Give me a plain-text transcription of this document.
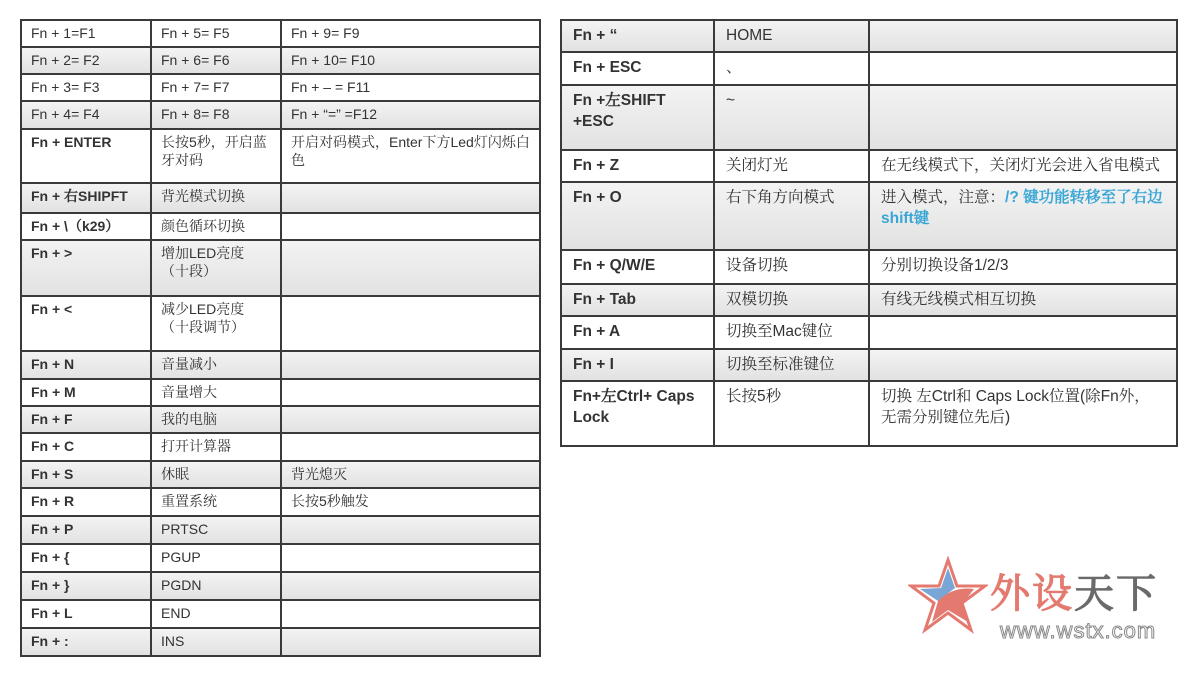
Fn + 1=F1	Fn + 5= F5	Fn + 9= F9
Fn + 2= F2	Fn + 6= F6	Fn + 10= F10
Fn + 3= F3	Fn + 7= F7	Fn + – = F11
Fn + 4= F4	Fn + 8= F8	Fn + “=” =F12
Fn + ENTER	长按5秒，开启蓝牙对码	开启对码模式，Enter下方Led灯闪烁白色
Fn + 右SHIPFT	背光模式切换	
Fn + \（k29）	颜色循环切换	
Fn + >	增加LED亮度（十段）	
Fn + <	减少LED亮度（十段调节）	
Fn + N	音量减小	
Fn + M	音量增大	
Fn + F	我的电脑	
Fn + C	打开计算器	
Fn + S	休眠	背光熄灭
Fn + R	重置系统	长按5秒触发
Fn + P	PRTSC	
Fn + {	PGUP	
Fn + }	PGDN	
Fn + L	END	
Fn + :	INS	
Fn + “	HOME	
Fn + ESC	、	
Fn +左SHIFT +ESC	~	
Fn + Z	关闭灯光	在无线模式下，关闭灯光会进入省电模式
Fn + O	右下角方向模式	进入模式，注意：/? 键功能转移至了右边shift键
Fn + Q/W/E	设备切换	分别切换设备1/2/3
Fn + Tab	双模切换	有线无线模式相互切换
Fn + A	切换至Mac键位	
Fn + I	切换至标准键位	
Fn+左Ctrl+ Caps Lock	长按5秒	切换 左Ctrl和 Caps Lock位置(除Fn外，无需分别键位先后)
外设天下
www.wstx.com
